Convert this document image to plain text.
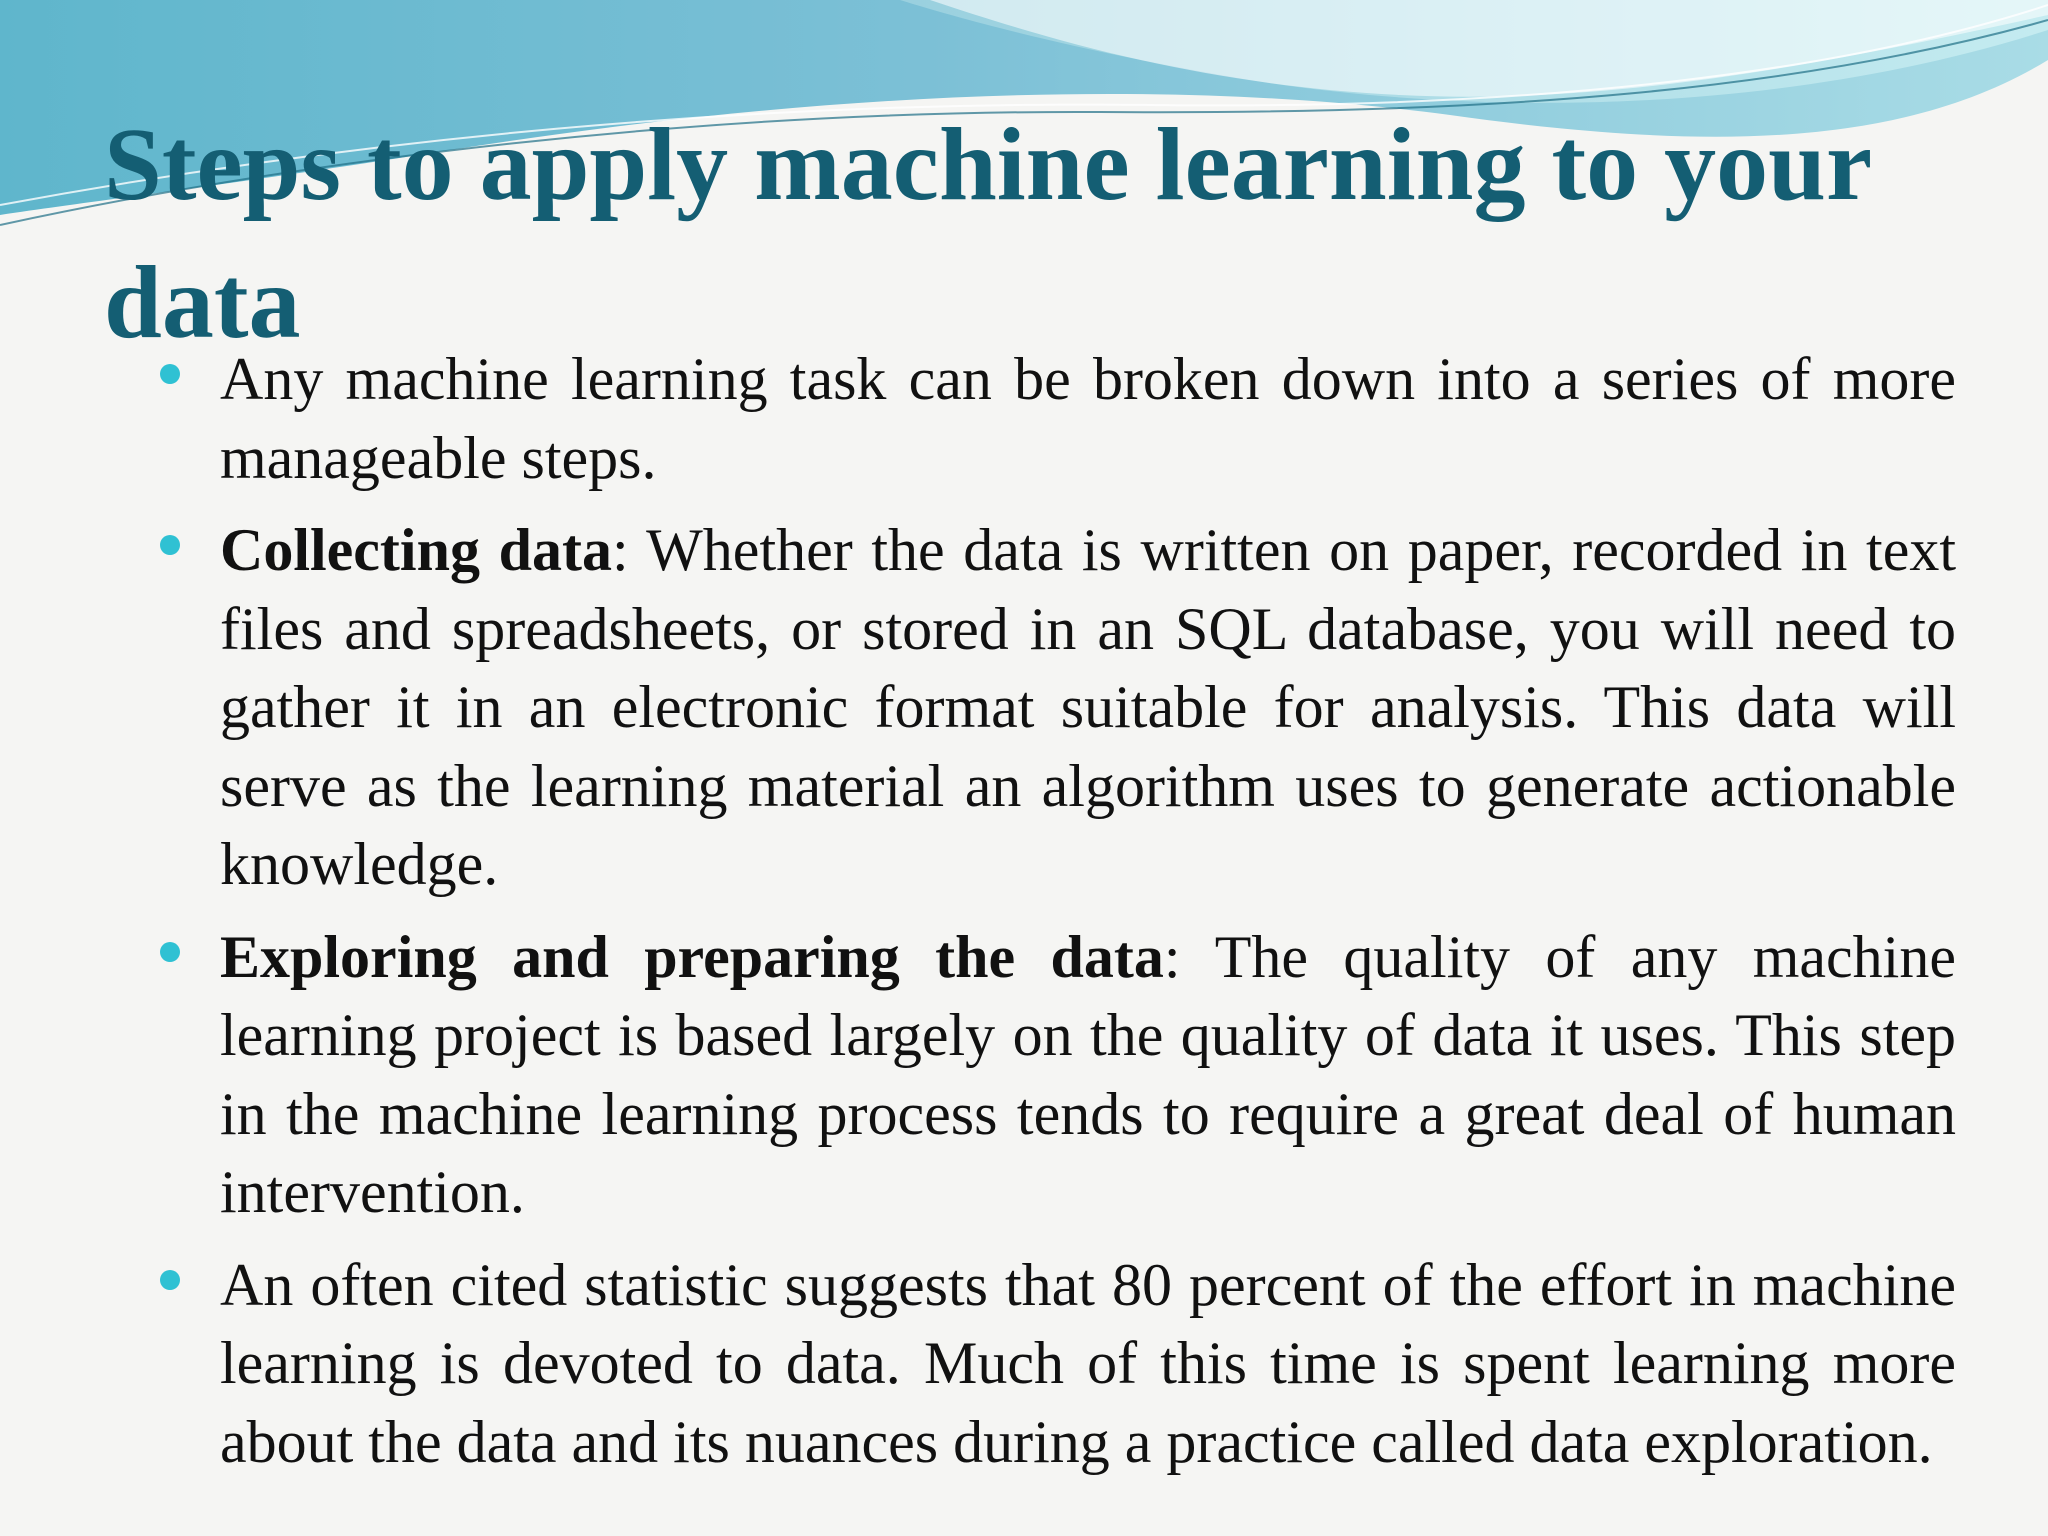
Steps to apply machine learning to your data
Any machine learning task can be broken down into a series of more manageable steps.
Collecting data: Whether the data is written on paper, recorded in text files and spreadsheets, or stored in an SQL database, you will need to gather it in an electronic format suitable for analysis. This data will serve as the learning material an algorithm uses to generate actionable knowledge.
Exploring and preparing the data: The quality of any machine learning project is based largely on the quality of data it uses. This step in the machine learning process tends to require a great deal of human intervention.
An often cited statistic suggests that 80 percent of the effort in machine learning is devoted to data. Much of this time is spent learning more about the data and its nuances during a practice called data exploration.
